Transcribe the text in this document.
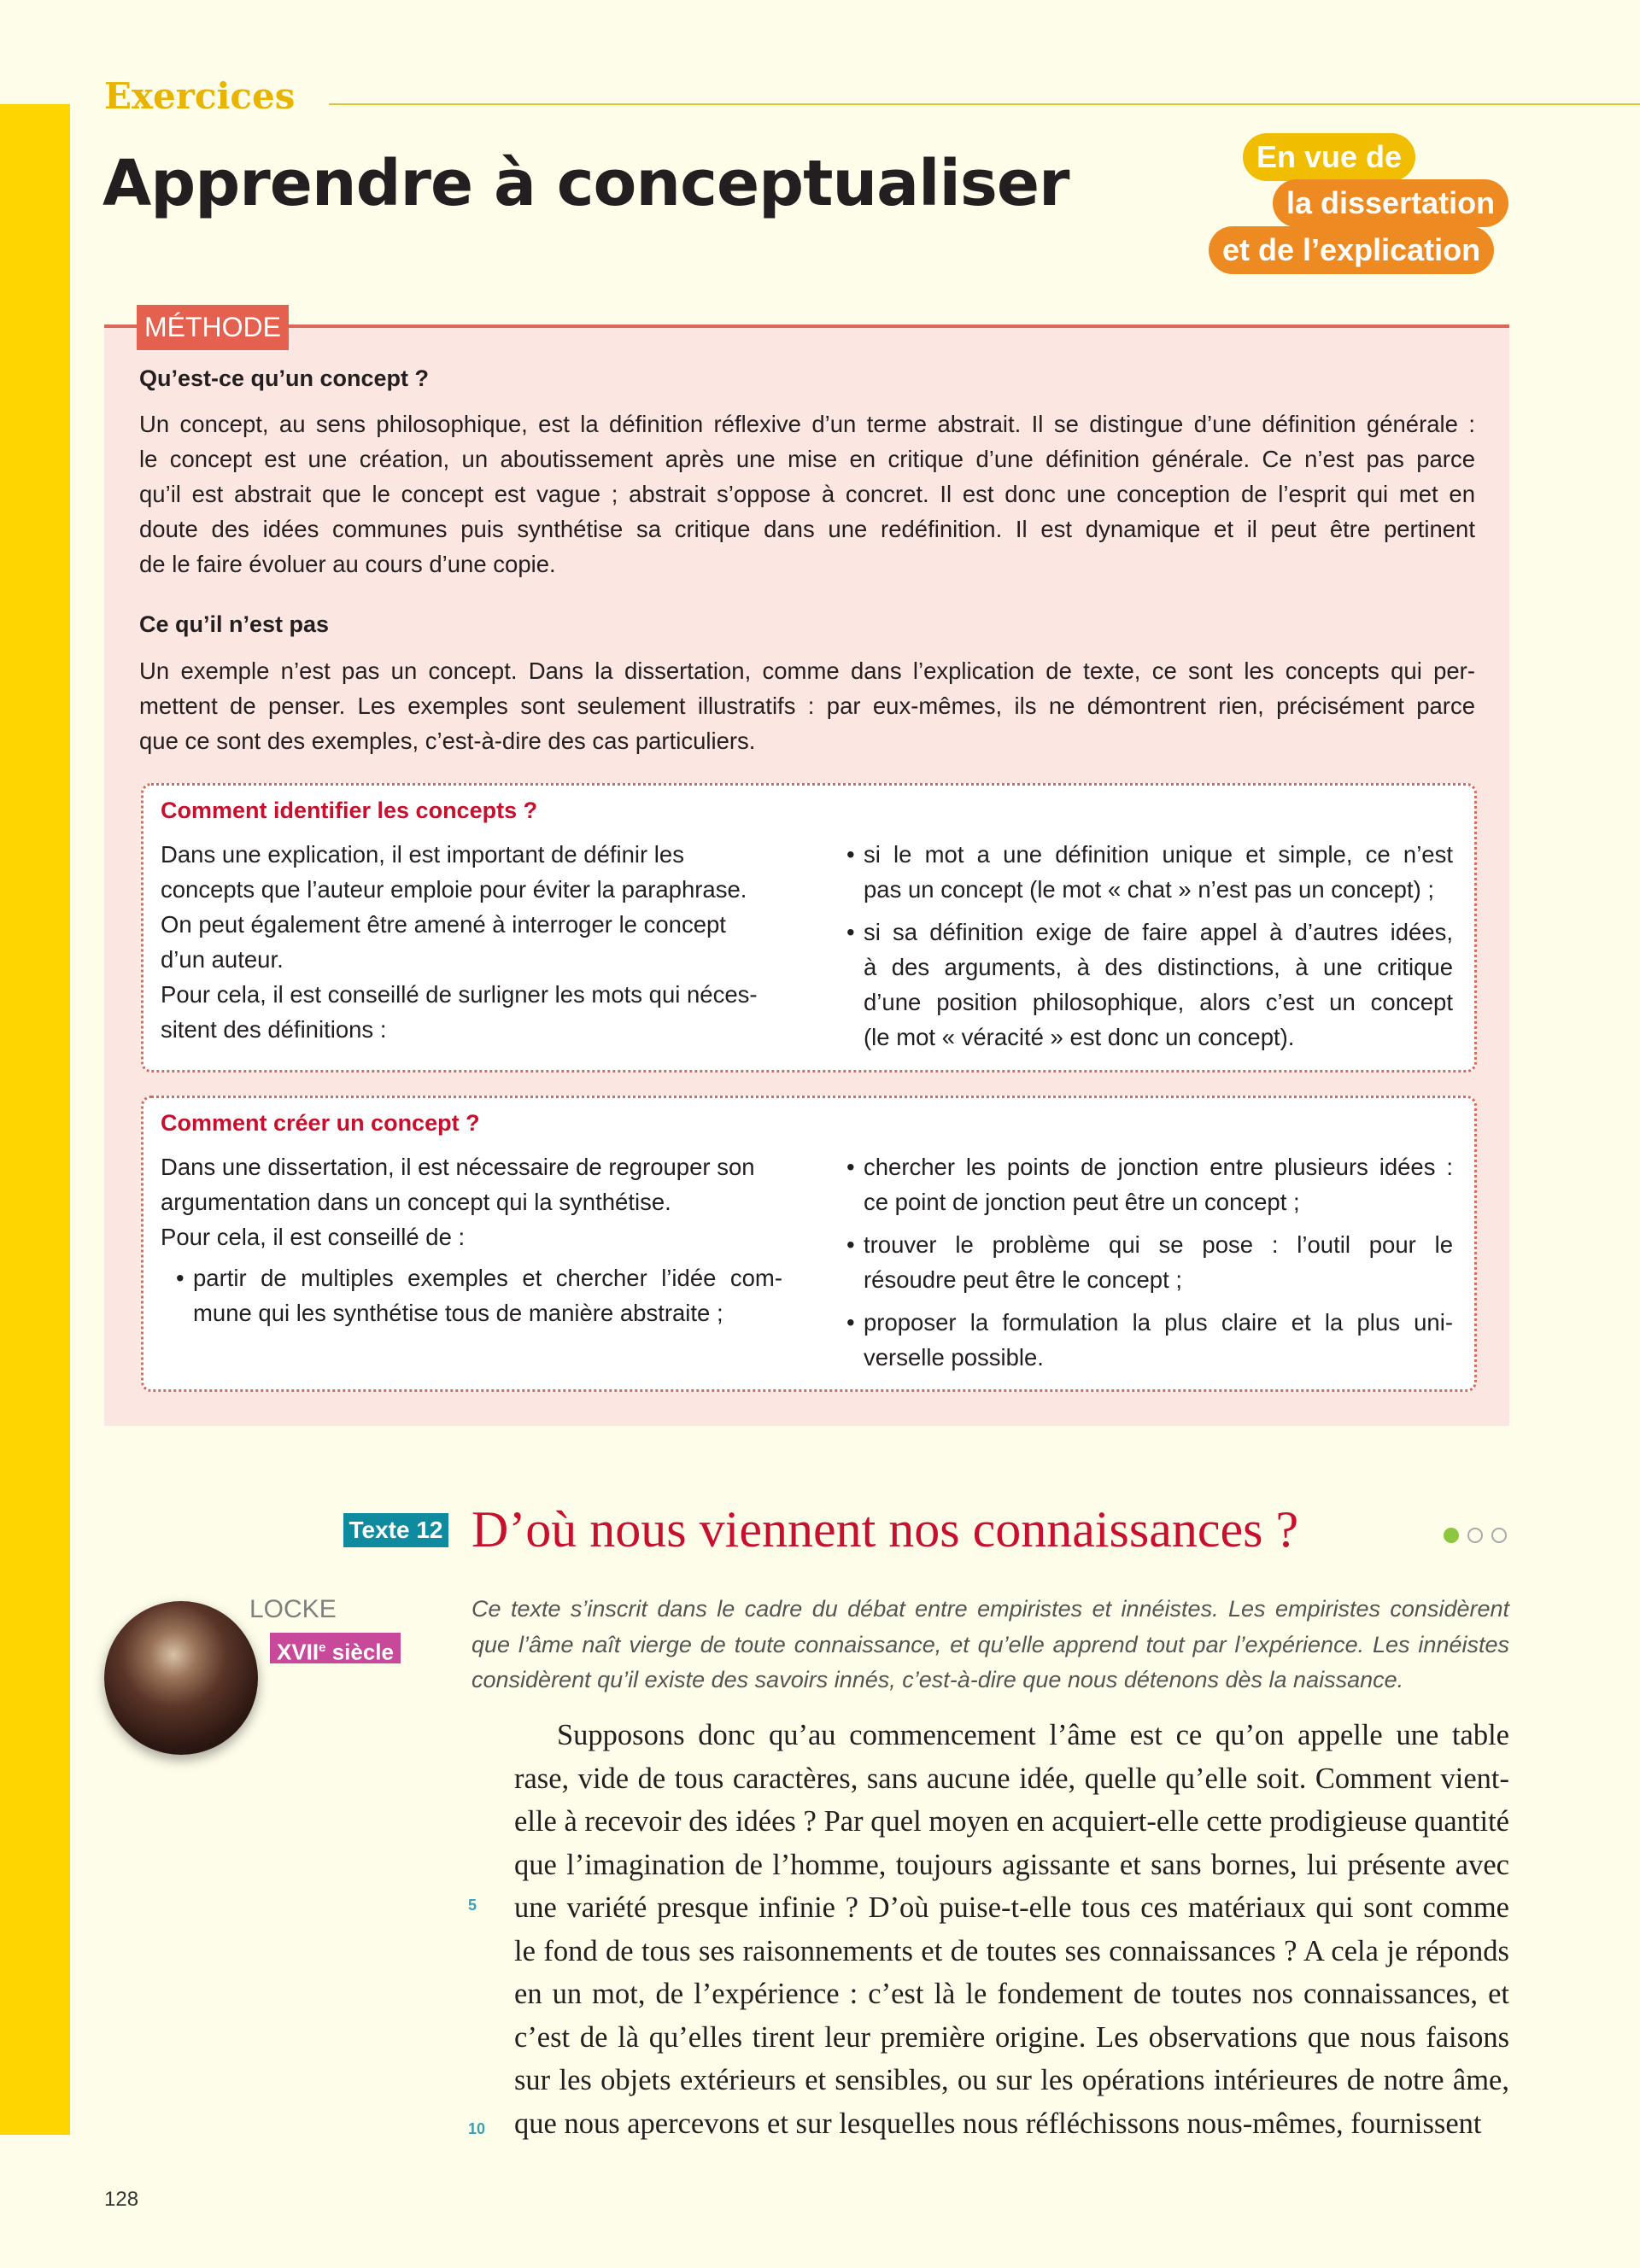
Exercices
Apprendre à conceptualiser	En vue de
la dissertation
et de l’explication
MÉTHODE
Qu’est-ce qu’un concept ?
Un concept, au sens philosophique, est la définition réflexive d’un terme abstrait. Il se distingue d’une définition générale :
le concept est une création, un aboutissement après une mise en critique d’une définition générale. Ce n’est pas parce
qu’il est abstrait que le concept est vague ; abstrait s’oppose à concret. Il est donc une conception de l’esprit qui met en
doute des idées communes puis synthétise sa critique dans une redéfinition. Il est dynamique et il peut être pertinent
de le faire évoluer au cours d’une copie.
Ce qu’il n’est pas
Un exemple n’est pas un concept. Dans la dissertation, comme dans l’explication de texte, ce sont les concepts qui per-
mettent de penser. Les exemples sont seulement illustratifs : par eux-mêmes, ils ne démontrent rien, précisément parce
que ce sont des exemples, c’est-à-dire des cas particuliers.
Comment identifier les concepts ?
Dans une explication, il est important de définir les
concepts que l’auteur emploie pour éviter la paraphrase.
On peut également être amené à interroger le concept
d’un auteur.
Pour cela, il est conseillé de surligner les mots qui néces-
sitent des définitions :
• si le mot a une définition unique et simple, ce n’est
pas un concept (le mot « chat » n’est pas un concept) ;
• si sa définition exige de faire appel à d’autres idées,
à des arguments, à des distinctions, à une critique
d’une position philosophique, alors c’est un concept
(le mot « véracité » est donc un concept).
Comment créer un concept ?
Dans une dissertation, il est nécessaire de regrouper son
argumentation dans un concept qui la synthétise.
Pour cela, il est conseillé de :
• partir de multiples exemples et chercher l’idée com-
mune qui les synthétise tous de manière abstraite ;
• chercher les points de jonction entre plusieurs idées :
ce point de jonction peut être un concept ;
• trouver le problème qui se pose : l’outil pour le
résoudre peut être le concept ;
• proposer la formulation la plus claire et la plus uni-
verselle possible.
Texte 12 D’où nous viennent nos connaissances ?
LOCKE
XVIIe siècle
Ce texte s’inscrit dans le cadre du débat entre empiristes et innéistes. Les empiristes considèrent
que l’âme naît vierge de toute connaissance, et qu’elle apprend tout par l’expérience. Les innéistes
considèrent qu’il existe des savoirs innés, c’est-à-dire que nous détenons dès la naissance.
Supposons donc qu’au commencement l’âme est ce qu’on appelle une table
rase, vide de tous caractères, sans aucune idée, quelle qu’elle soit. Comment vient-
elle à recevoir des idées ? Par quel moyen en acquiert-elle cette prodigieuse quantité
que l’imagination de l’homme, toujours agissante et sans bornes, lui présente avec
une variété presque infinie ? D’où puise-t-elle tous ces matériaux qui sont comme
le fond de tous ses raisonnements et de toutes ses connaissances ? A cela je réponds
en un mot, de l’expérience : c’est là le fondement de toutes nos connaissances, et
c’est de là qu’elles tirent leur première origine. Les observations que nous faisons
sur les objets extérieurs et sensibles, ou sur les opérations intérieures de notre âme,
que nous apercevons et sur lesquelles nous réfléchissons nous-mêmes, fournissent
5
10
128
